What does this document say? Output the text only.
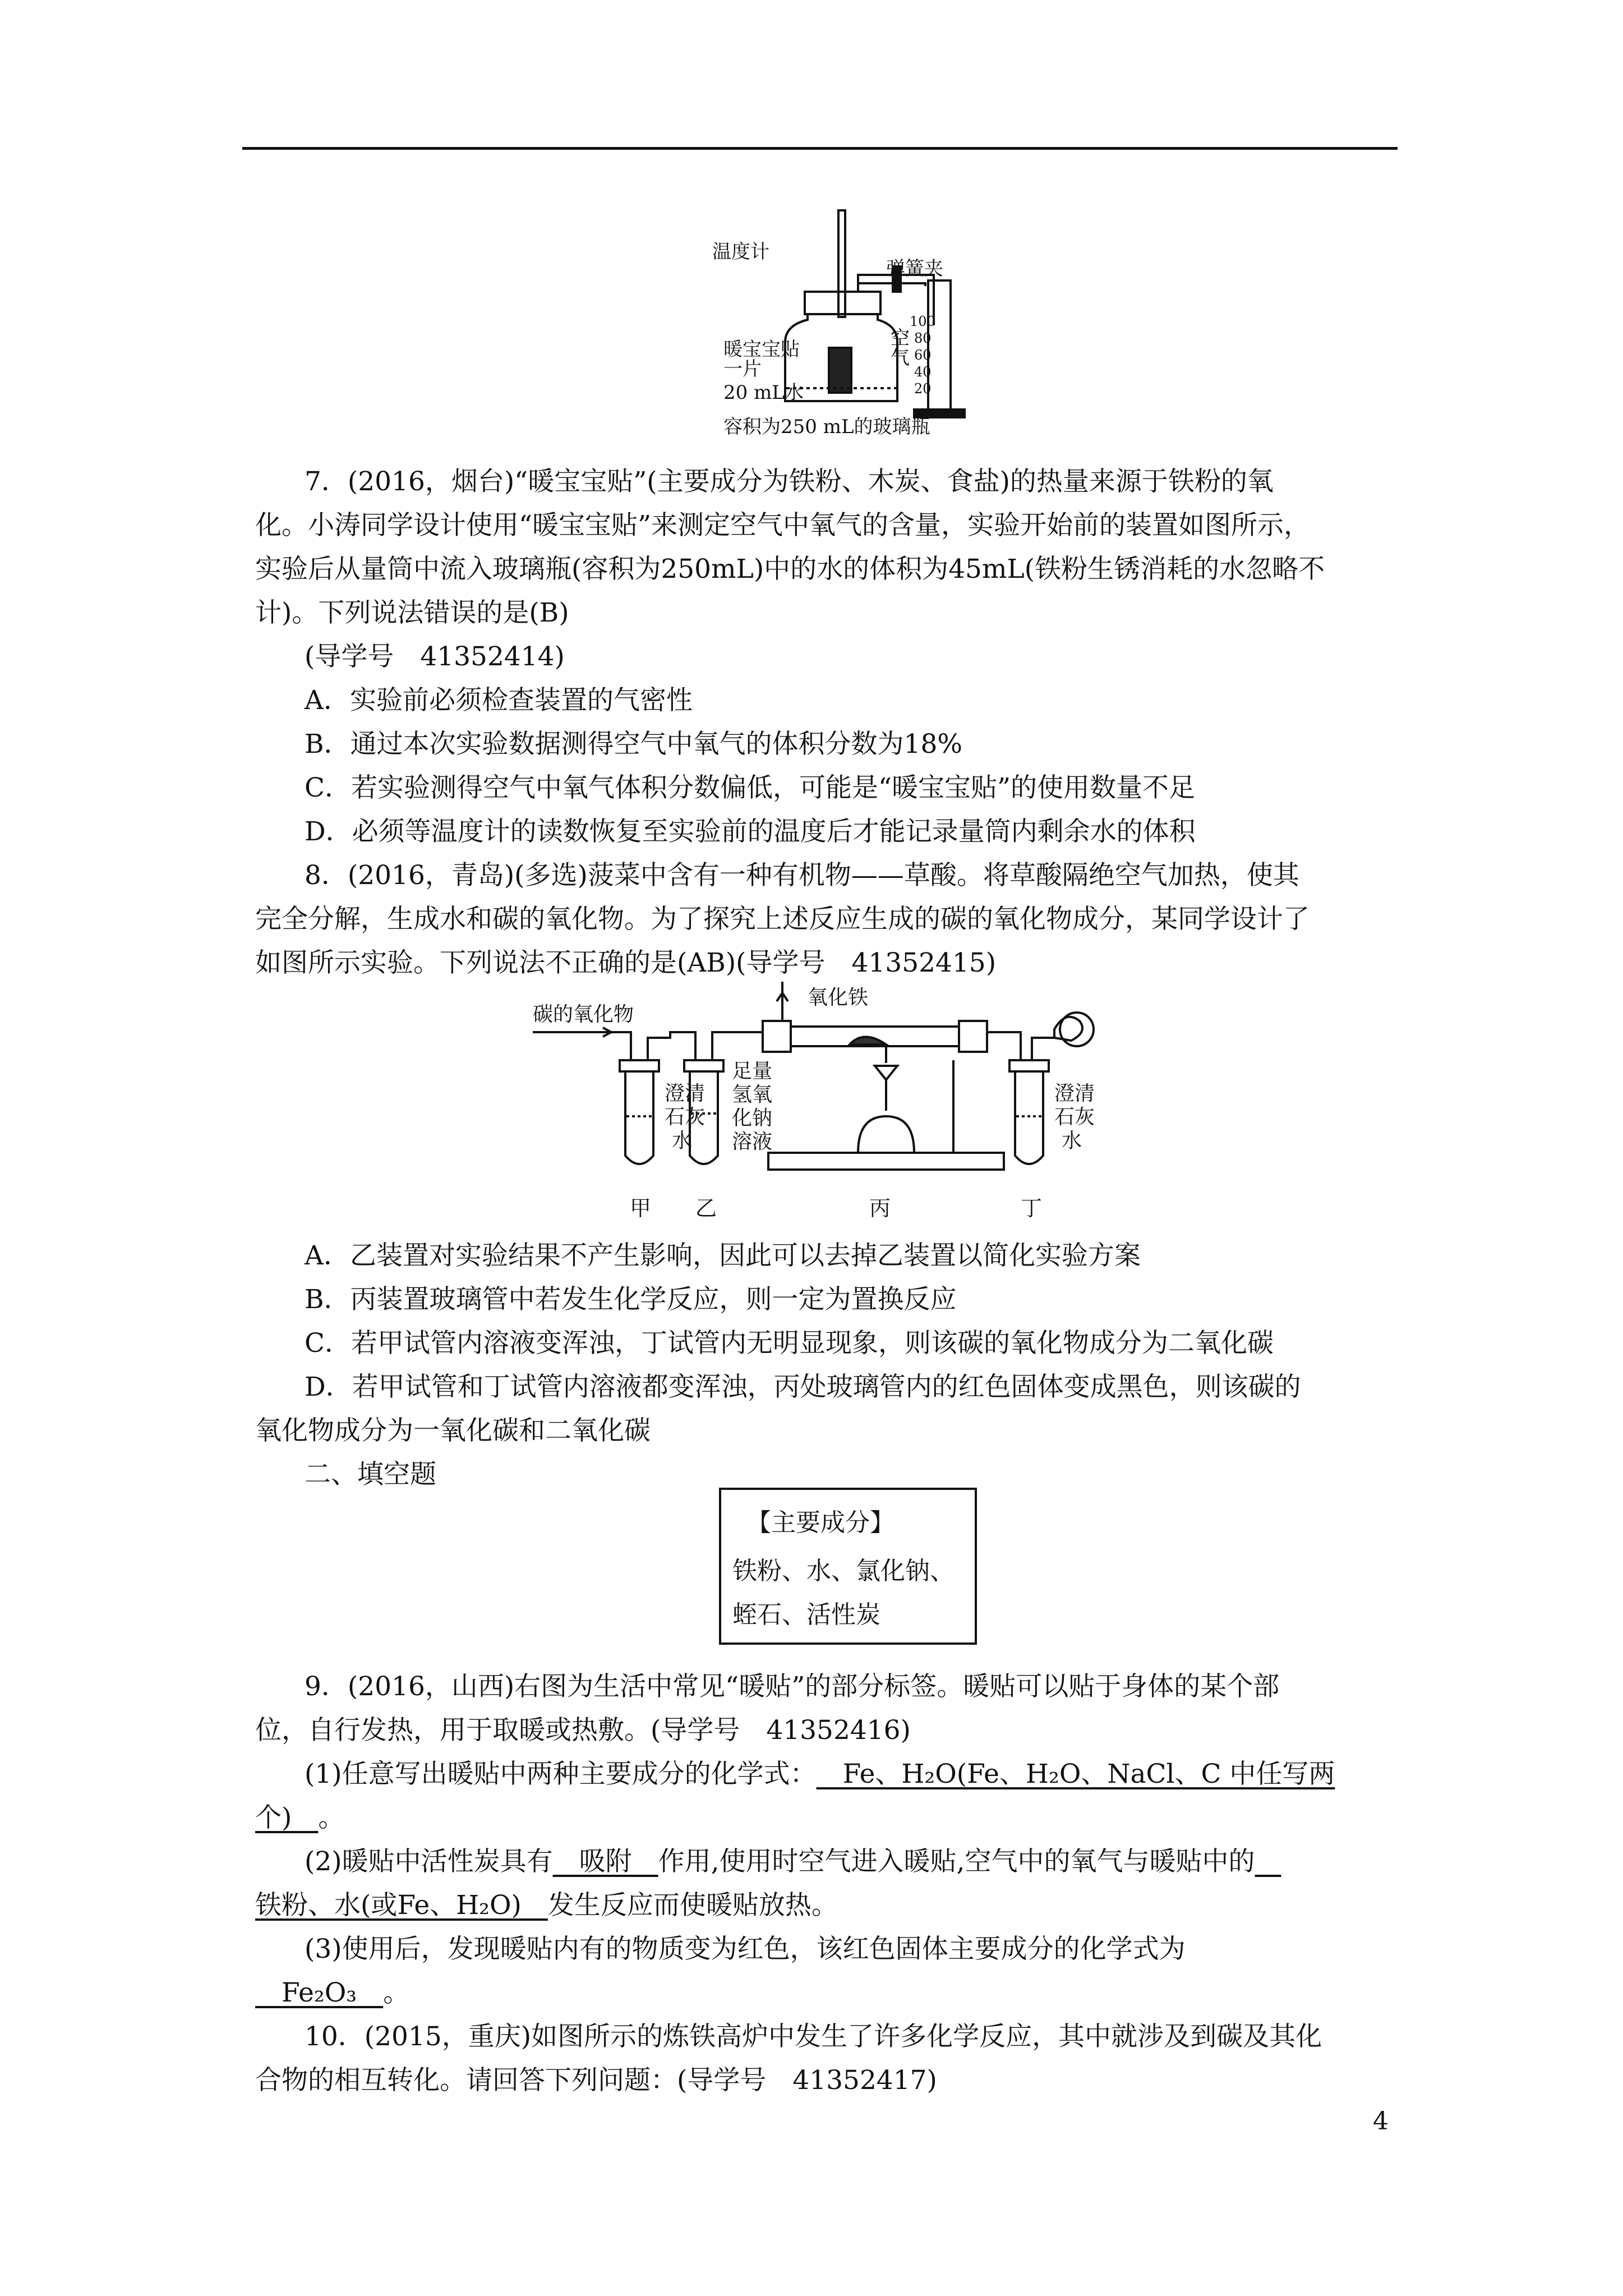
温度计
弹簧夹
暖宝宝贴
一片
20 mL水
空
气
100
80
60
40
20
容积为250 mL的玻璃瓶

7．(2016，烟台)“暖宝宝贴”(主要成分为铁粉、木炭、食盐)的热量来源于铁粉的氧

化。小涛同学设计使用“暖宝宝贴”来测定空气中氧气的含量，实验开始前的装置如图所示，

实验后从量筒中流入玻璃瓶(容积为250mL)中的水的体积为45mL(铁粉生锈消耗的水忽略不

计)。下列说法错误的是(B)

(导学号　41352414)

A．实验前必须检查装置的气密性

B．通过本次实验数据测得空气中氧气的体积分数为18%

C．若实验测得空气中氧气体积分数偏低，可能是“暖宝宝贴”的使用数量不足

D．必须等温度计的读数恢复至实验前的温度后才能记录量筒内剩余水的体积

8．(2016，青岛)(多选)菠菜中含有一种有机物——草酸。将草酸隔绝空气加热，使其

完全分解，生成水和碳的氧化物。为了探究上述反应生成的碳的氧化物成分，某同学设计了

如图所示实验。下列说法不正确的是(AB)(导学号　41352415)

碳的氧化物
氧化铁
澄清
石灰
水
足量
氢氧
化钠
溶液
澄清
石灰
水
甲 乙	丙	丁

A．乙装置对实验结果不产生影响，因此可以去掉乙装置以简化实验方案

B．丙装置玻璃管中若发生化学反应，则一定为置换反应

C．若甲试管内溶液变浑浊，丁试管内无明显现象，则该碳的氧化物成分为二氧化碳

D．若甲试管和丁试管内溶液都变浑浊，丙处玻璃管内的红色固体变成黑色，则该碳的

氧化物成分为一氧化碳和二氧化碳

二、填空题

【主要成分】
铁粉、水、氯化钠、
蛭石、活性炭

9．(2016，山西)右图为生活中常见“暖贴”的部分标签。暖贴可以贴于身体的某个部

位，自行发热，用于取暖或热敷。(导学号　41352416)

(1)任意写出暖贴中两种主要成分的化学式：__Fe、H₂O(Fe、H₂O、NaCl、C 中任写两

个)__。

(2)暖贴中活性炭具有__吸附__作用,使用时空气进入暖贴,空气中的氧气与暖贴中的__

铁粉、水(或Fe、H₂O)__发生反应而使暖贴放热。

(3)使用后，发现暖贴内有的物质变为红色，该红色固体主要成分的化学式为

__Fe₂O₃__。

10．(2015，重庆)如图所示的炼铁高炉中发生了许多化学反应，其中就涉及到碳及其化

合物的相互转化。请回答下列问题：(导学号　41352417)

4
